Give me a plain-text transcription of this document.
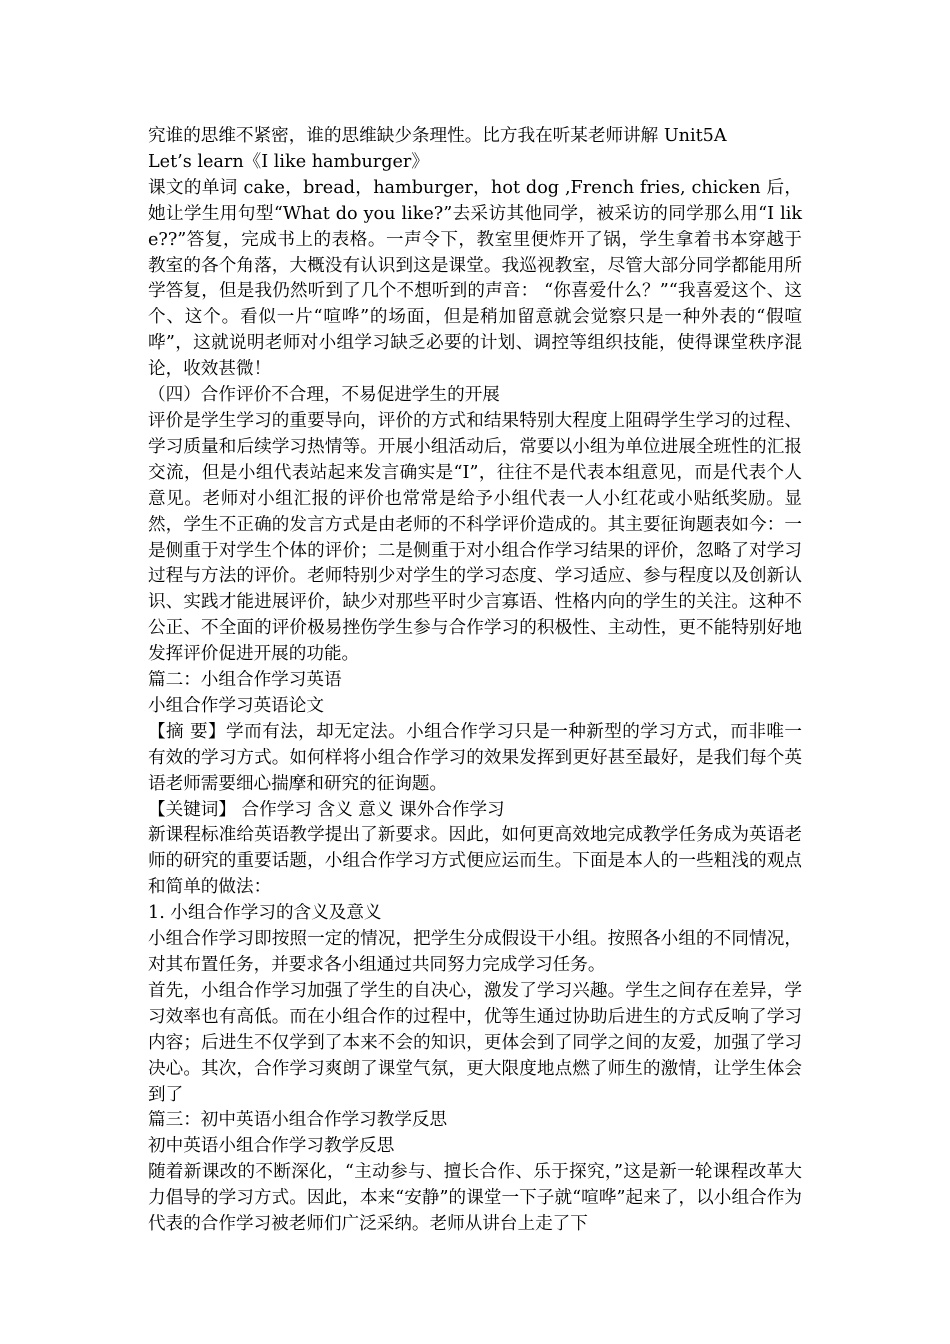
究谁的思维不紧密，谁的思维缺少条理性。比方我在听某老师讲解 Unit5A

Let’s learn《I like hamburger》

课文的单词 cake，bread，hamburger，hot dog ,French fries, chicken 后，她让学生用句型“What do you like?”去采访其他同学，被采访的同学那么用“I like??”答复，完成书上的表格。一声令下，教室里便炸开了锅，学生拿着书本穿越于教室的各个角落，大概没有认识到这是课堂。我巡视教室，尽管大部分同学都能用所学答复，但是我仍然听到了几个不想听到的声音： “你喜爱什么？”“我喜爱这个、这个、这个。看似一片“喧哗”的场面，但是稍加留意就会觉察只是一种外表的“假喧哗”，这就说明老师对小组学习缺乏必要的计划、调控等组织技能，使得课堂秩序混论，收效甚微！

（四）合作评价不合理，不易促进学生的开展

评价是学生学习的重要导向，评价的方式和结果特别大程度上阻碍学生学习的过程、学习质量和后续学习热情等。开展小组活动后，常要以小组为单位进展全班性的汇报交流，但是小组代表站起来发言确实是“I”，往往不是代表本组意见，而是代表个人意见。老师对小组汇报的评价也常常是给予小组代表一人小红花或小贴纸奖励。显然，学生不正确的发言方式是由老师的不科学评价造成的。其主要征询题表如今：一是侧重于对学生个体的评价；二是侧重于对小组合作学习结果的评价，忽略了对学习过程与方法的评价。老师特别少对学生的学习态度、学习适应、参与程度以及创新认识、实践才能进展评价，缺少对那些平时少言寡语、性格内向的学生的关注。这种不公正、不全面的评价极易挫伤学生参与合作学习的积极性、主动性，更不能特别好地发挥评价促进开展的功能。

篇二：小组合作学习英语

小组合作学习英语论文

【摘 要】学而有法，却无定法。小组合作学习只是一种新型的学习方式，而非唯一有效的学习方式。如何样将小组合作学习的效果发挥到更好甚至最好，是我们每个英语老师需要细心揣摩和研究的征询题。

【关键词】 合作学习 含义 意义 课外合作学习

新课程标准给英语教学提出了新要求。因此，如何更高效地完成教学任务成为英语老师的研究的重要话题，小组合作学习方式便应运而生。下面是本人的一些粗浅的观点和简单的做法：

1. 小组合作学习的含义及意义

小组合作学习即按照一定的情况，把学生分成假设干小组。按照各小组的不同情况，对其布置任务，并要求各小组通过共同努力完成学习任务。

首先，小组合作学习加强了学生的自决心，激发了学习兴趣。学生之间存在差异，学习效率也有高低。而在小组合作的过程中，优等生通过协助后进生的方式反响了学习内容；后进生不仅学到了本来不会的知识，更体会到了同学之间的友爱，加强了学习决心。其次，合作学习爽朗了课堂气氛，更大限度地点燃了师生的激情，让学生体会到了

篇三：初中英语小组合作学习教学反思

初中英语小组合作学习教学反思

随着新课改的不断深化，“主动参与、擅长合作、乐于探究，”这是新一轮课程改革大力倡导的学习方式。因此，本来“安静”的课堂一下子就“喧哗”起来了，以小组合作为代表的合作学习被老师们广泛采纳。老师从讲台上走了下
